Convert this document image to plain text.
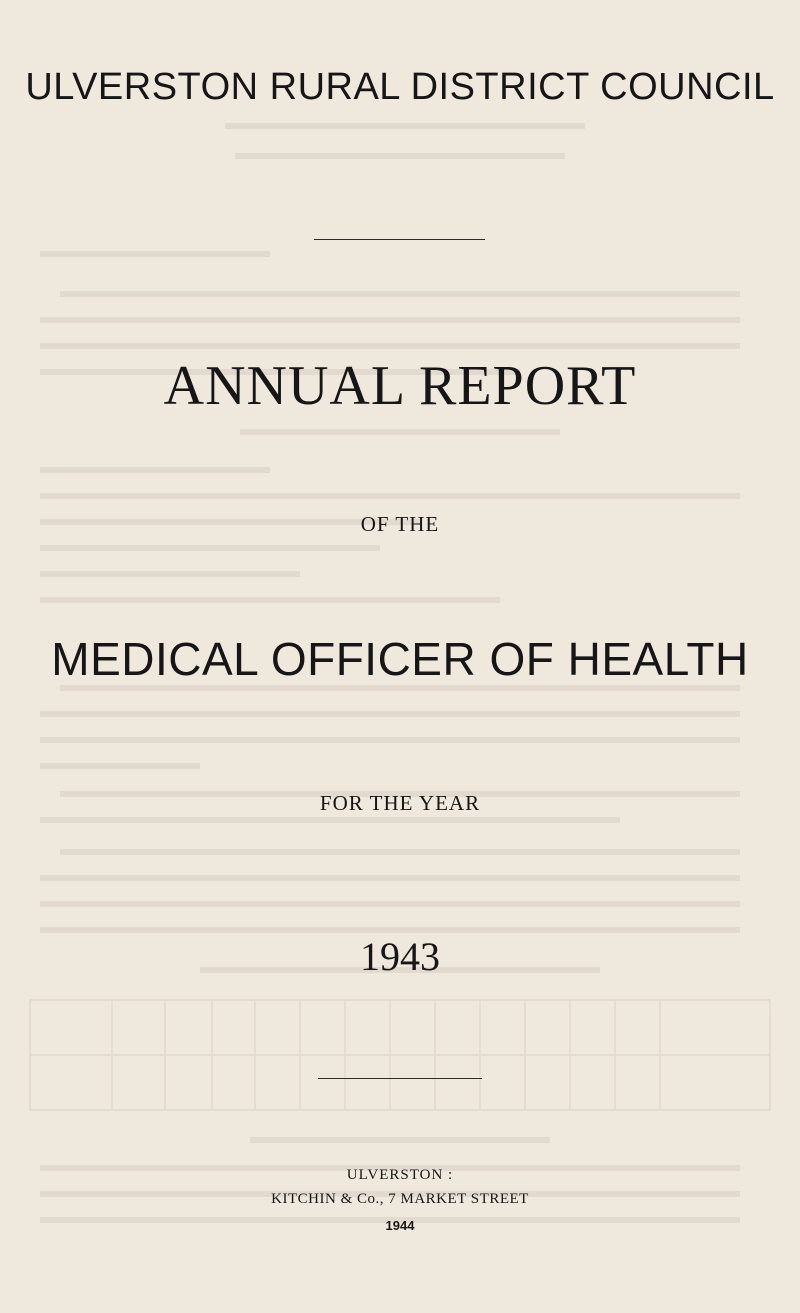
ULVERSTON RURAL DISTRICT COUNCIL
ANNUAL REPORT
OF THE
MEDICAL OFFICER OF HEALTH
FOR THE YEAR
1943
ULVERSTON :
KITCHIN & Co., 7 MARKET STREET
1944
